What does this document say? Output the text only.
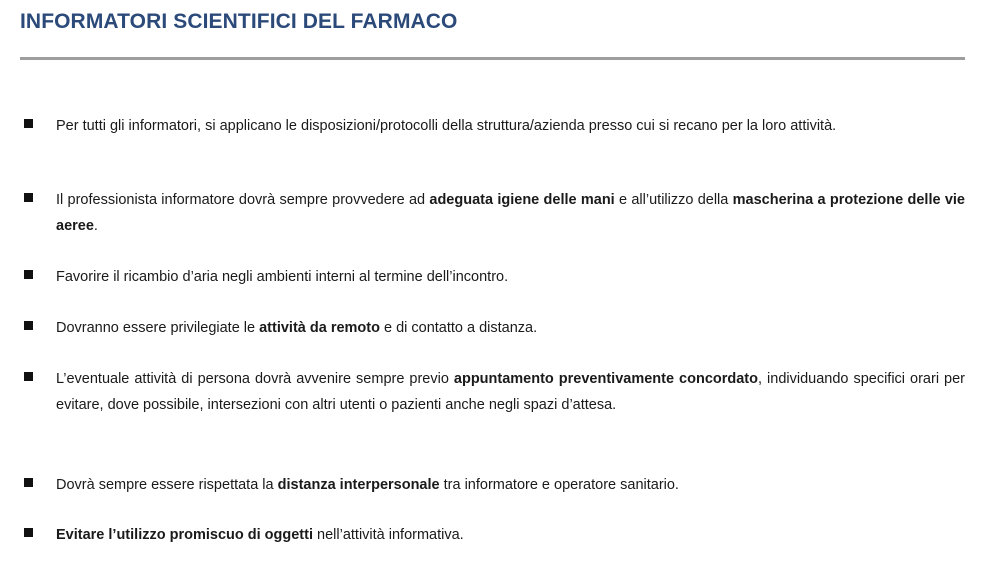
INFORMATORI SCIENTIFICI DEL FARMACO
Per tutti gli informatori, si applicano le disposizioni/protocolli della struttura/azienda presso cui si recano per la loro attività.
Il professionista informatore dovrà sempre provvedere ad adeguata igiene delle mani e all’utilizzo della mascherina a protezione delle vie aeree.
Favorire il ricambio d’aria negli ambienti interni al termine dell’incontro.
Dovranno essere privilegiate le attività da remoto e di contatto a distanza.
L’eventuale attività di persona dovrà avvenire sempre previo appuntamento preventivamente concordato, individuando specifici orari per evitare, dove possibile, intersezioni con altri utenti o pazienti anche negli spazi d’attesa.
Dovrà sempre essere rispettata la distanza interpersonale tra informatore e operatore sanitario.
Evitare l’utilizzo promiscuo di oggetti nell’attività informativa.
